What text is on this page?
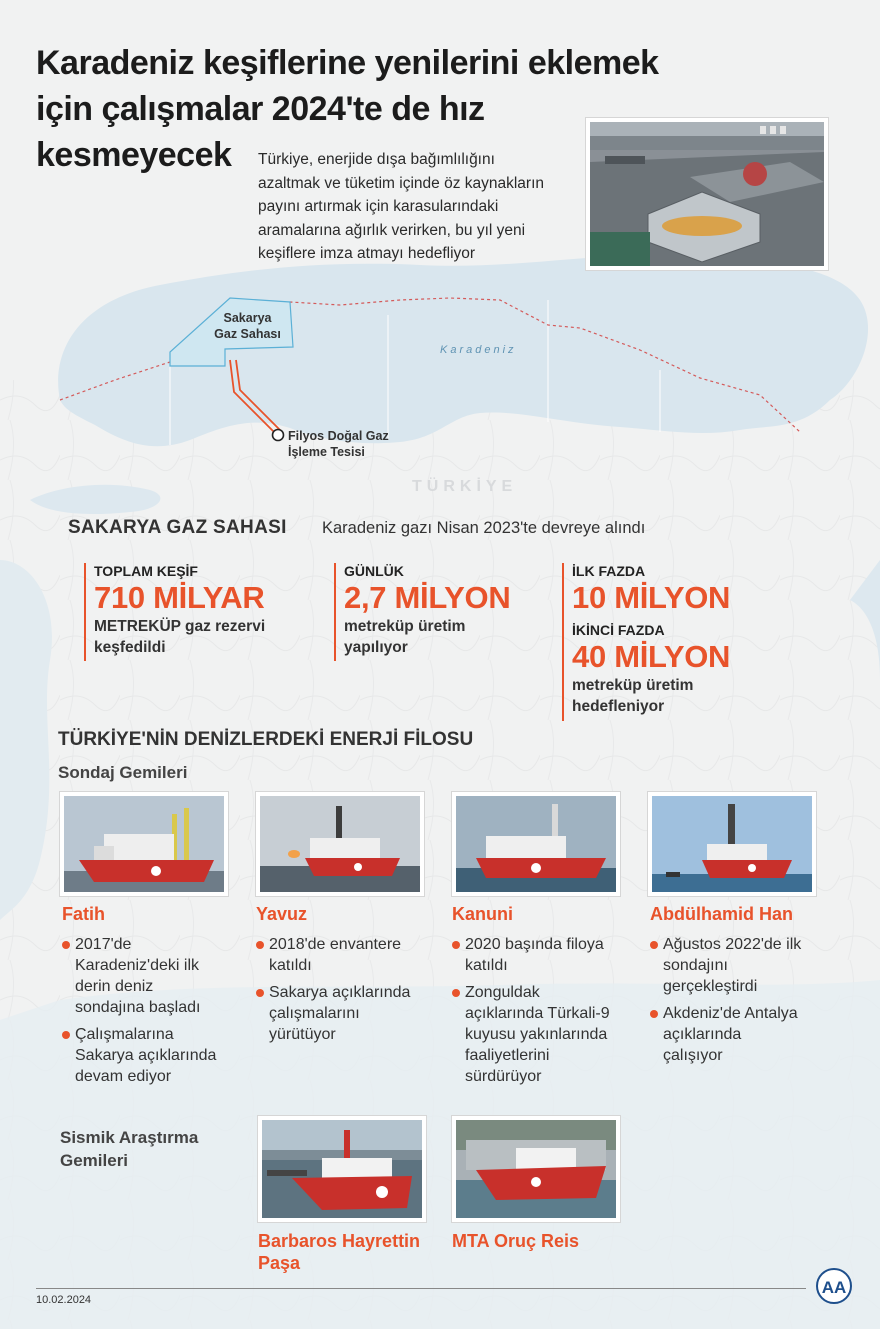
Karadeniz keşiflerine yenilerini eklemek
için çalışmalar 2024'te de hız
kesmeyecek	Türkiye, enerjide dışa bağımlılığını
azaltmak ve tüketim içinde öz kaynakların
payını artırmak için karasularındaki
aramalarına ağırlık verirken, bu yıl yeni
keşiflere imza atmayı hedefliyor
Sakarya
Gaz Sahası
Karadeniz
Filyos Doğal Gaz
İşleme Tesisi
TÜRKİYE
SAKARYA GAZ SAHASI Karadeniz gazı Nisan 2023'te devreye alındı
TOPLAM KEŞİF
710 MİLYAR
METREKÜP gaz rezervi
keşfedildi
GÜNLÜK
2,7 MİLYON
metreküp üretim
yapılıyor
İLK FAZDA
10 MİLYON
İKİNCİ FAZDA
40 MİLYON
metreküp üretim
hedefleniyor
TÜRKİYE'NİN DENİZLERDEKİ ENERJİ FİLOSU
Sondaj Gemileri
Fatih
2017'de
Karadeniz'deki ilk
derin deniz
sondajına başladı
Çalışmalarına
Sakarya açıklarında
devam ediyor
Yavuz
2018'de envantere
katıldı
Sakarya açıklarında
çalışmalarını
yürütüyor
Kanuni
2020 başında filoya
katıldı
Zonguldak
açıklarında Türkali-9
kuyusu yakınlarında
faaliyetlerini
sürdürüyor
Abdülhamid Han
Ağustos 2022'de ilk
sondajını
gerçekleştirdi
Akdeniz'de Antalya
açıklarında
çalışıyor
Sismik Araştırma
Gemileri
Barbaros Hayrettin
Paşa
MTA Oruç Reis
10.02.2024
AA
